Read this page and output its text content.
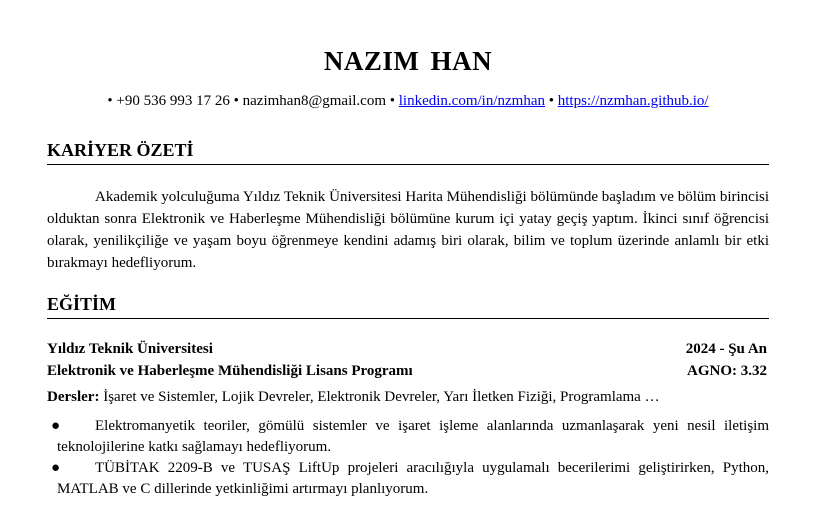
NAZIM HAN
• +90 536 993 17 26 • nazimhan8@gmail.com • linkedin.com/in/nzmhan • https://nzmhan.github.io/
KARİYER ÖZETİ
Akademik yolculuğuma Yıldız Teknik Üniversitesi Harita Mühendisliği bölümünde başladım ve bölüm birincisi olduktan sonra Elektronik ve Haberleşme Mühendisliği bölümüne kurum içi yatay geçiş yaptım. İkinci sınıf öğrencisi olarak, yenilikçiliğe ve yaşam boyu öğrenmeye kendini adamış biri olarak, bilim ve toplum üzerinde anlamlı bir etki bırakmayı hedefliyorum.
EĞİTİM
Yıldız Teknik Üniversitesi	2024 - Şu An
Elektronik ve Haberleşme Mühendisliği Lisans Programı	AGNO: 3.32
Dersler: İşaret ve Sistemler, Lojik Devreler, Elektronik Devreler, Yarı İletken Fiziği, Programlama …
● Elektromanyetik teoriler, gömülü sistemler ve işaret işleme alanlarında uzmanlaşarak yeni nesil iletişim teknolojilerine katkı sağlamayı hedefliyorum.
● TÜBİTAK 2209-B ve TUSAŞ LiftUp projeleri aracılığıyla uygulamalı becerilerimi geliştirirken, Python, MATLAB ve C dillerinde yetkinliğimi artırmayı planlıyorum.
